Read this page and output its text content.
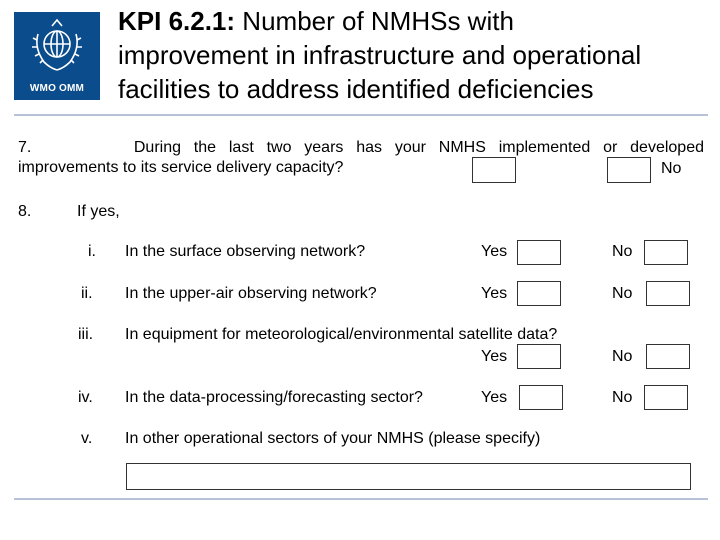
WMO OMM
KPI 6.2.1: Number of NMHSs with
improvement in infrastructure and operational
facilities to address identified deficiencies
7.	During the last two years has your NMHS implemented or developed
improvements to its service delivery capacity?	No
8.	If yes,
i. In the surface observing network?	Yes	No
ii. In the upper-air observing network?	Yes	No
iii. In equipment for meteorological/environmental satellite data?
Yes	No
iv. In the data-processing/forecasting sector?	Yes	No
v. In other operational sectors of your NMHS (please specify)
